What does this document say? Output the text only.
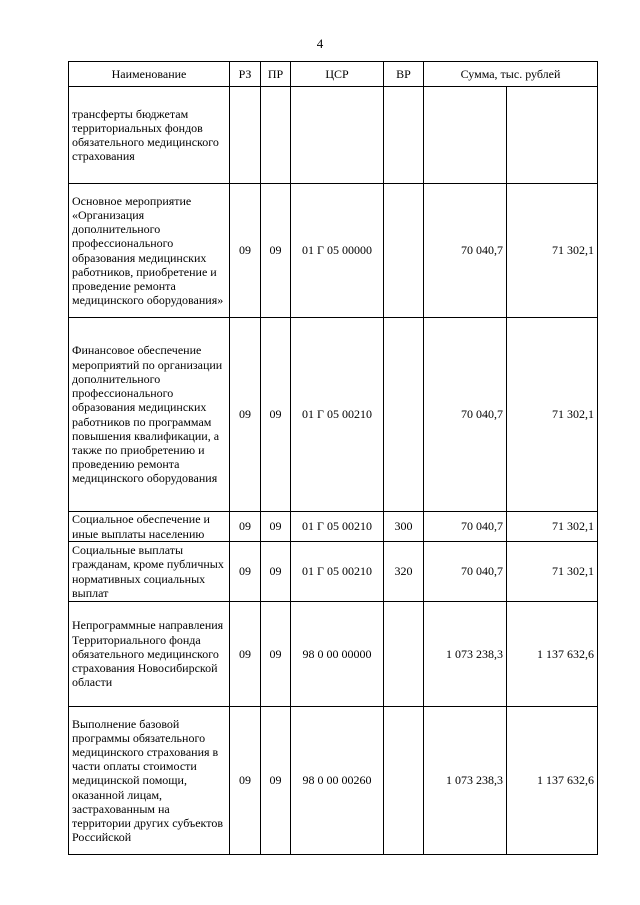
4
Наименование	РЗ	ПР	ЦСР	ВР	Сумма, тыс. рублей	
трансферты бюджетам территориальных фондов обязательного медицинского страхования						
Основное мероприятие «Организация дополнительного профессионального образования медицинских работников, приобретение и проведение ремонта медицинского оборудования»	09	09	01 Г 05 00000		70 040,7	71 302,1
Финансовое обеспечение мероприятий по организации дополнительного профессионального образования медицинских работников по программам повышения квалификации, а также по приобретению и проведению ремонта медицинского оборудования	09	09	01 Г 05 00210		70 040,7	71 302,1
Социальное обеспечение и иные выплаты населению	09	09	01 Г 05 00210	300	70 040,7	71 302,1
Социальные выплаты гражданам, кроме публичных нормативных социальных выплат	09	09	01 Г 05 00210	320	70 040,7	71 302,1
Непрограммные направления Территориального фонда обязательного медицинского страхования Новосибирской области	09	09	98 0 00 00000		1 073 238,3	1 137 632,6
Выполнение базовой программы обязательного медицинского страхования в части оплаты стоимости медицинской помощи, оказанной лицам, застрахованным на территории других субъектов Российской	09	09	98 0 00 00260		1 073 238,3	1 137 632,6
